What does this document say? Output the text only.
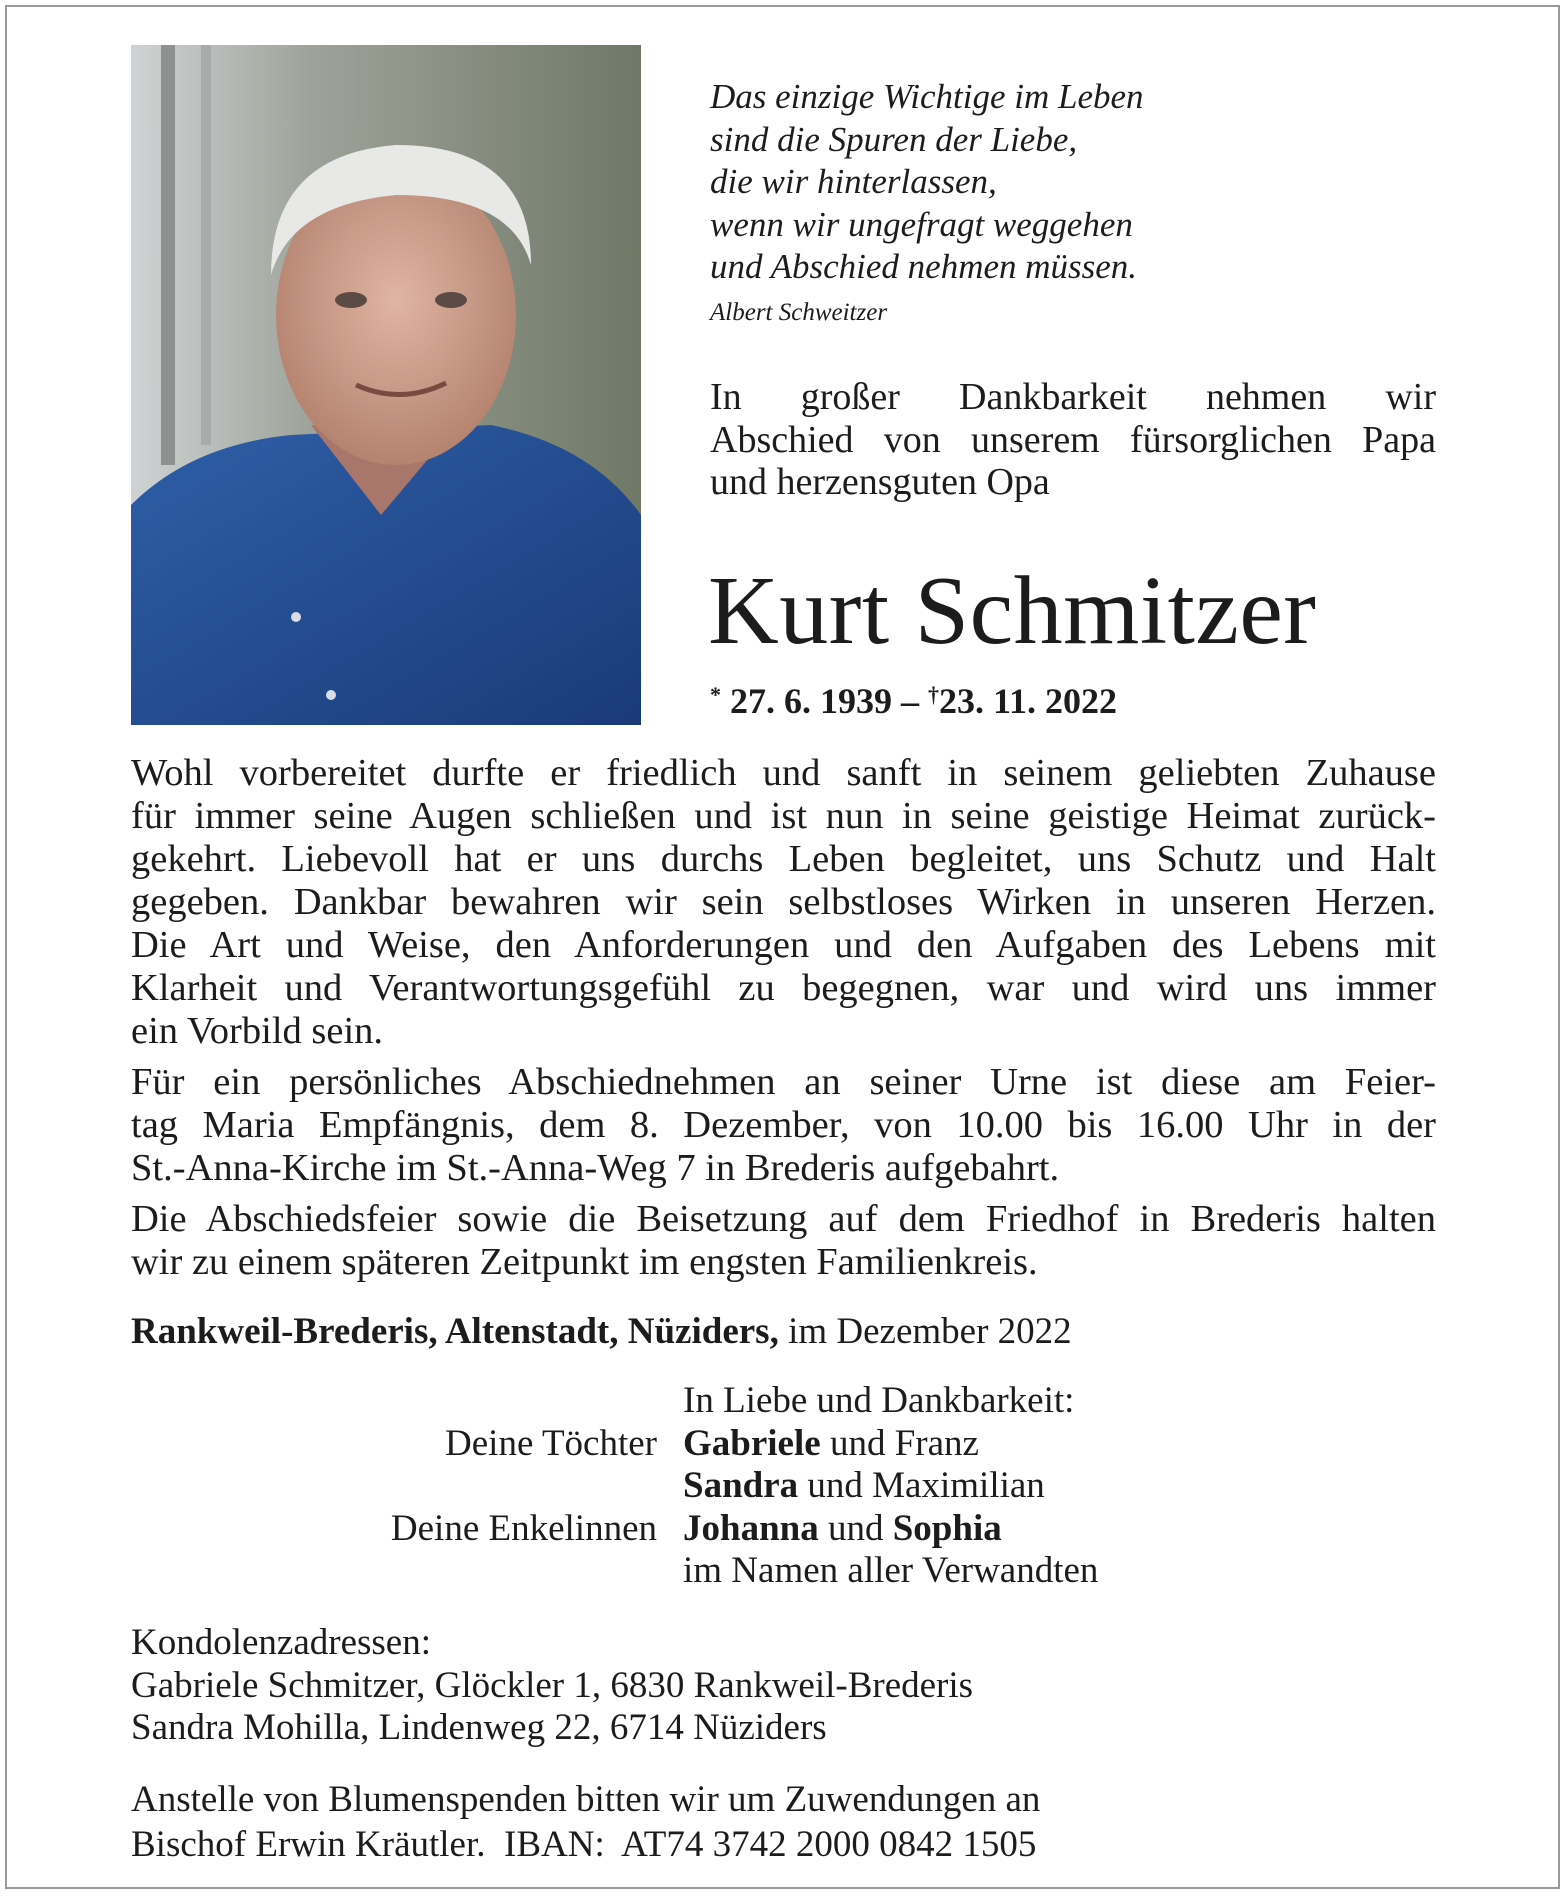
Das einzige Wichtige im Leben
sind die Spuren der Liebe,
die wir hinterlassen,
wenn wir ungefragt weggehen
und Abschied nehmen müssen.
Albert Schweitzer
In großer Dankbarkeit nehmen wir
Abschied von unserem fürsorglichen Papa
und herzensguten Opa
Kurt Schmitzer
* 27. 6. 1939 – †23. 11. 2022
Wohl vorbereitet durfte er friedlich und sanft in seinem geliebten Zuhause
für immer seine Augen schließen und ist nun in seine geistige Heimat zurück-
gekehrt. Liebevoll hat er uns durchs Leben begleitet, uns Schutz und Halt
gegeben. Dankbar bewahren wir sein selbstloses Wirken in unseren Herzen.
Die Art und Weise, den Anforderungen und den Aufgaben des Lebens mit
Klarheit und Verantwortungsgefühl zu begegnen, war und wird uns immer
ein Vorbild sein.
Für ein persönliches Abschiednehmen an seiner Urne ist diese am Feier-
tag Maria Empfängnis, dem 8. Dezember, von 10.00 bis 16.00 Uhr in der
St.-Anna-Kirche im St.-Anna-Weg 7 in Brederis aufgebahrt.
Die Abschiedsfeier sowie die Beisetzung auf dem Friedhof in Brederis halten
wir zu einem späteren Zeitpunkt im engsten Familienkreis.
Rankweil-Brederis, Altenstadt, Nüziders, im Dezember 2022
In Liebe und Dankbarkeit:
Deine Töchter Gabriele und Franz
Sandra und Maximilian
Deine Enkelinnen Johanna und Sophia
im Namen aller Verwandten
Kondolenzadressen:
Gabriele Schmitzer, Glöckler 1, 6830 Rankweil-Brederis
Sandra Mohilla, Lindenweg 22, 6714 Nüziders
Anstelle von Blumenspenden bitten wir um Zuwendungen an
Bischof Erwin Kräutler.  IBAN:  AT74 3742 2000 0842 1505
